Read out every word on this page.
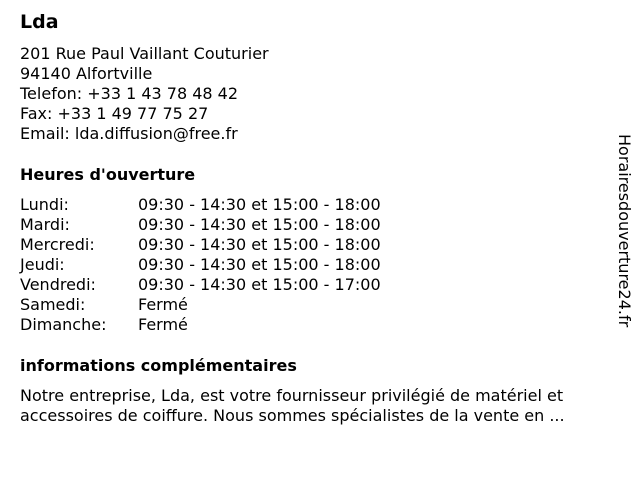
Lda
201 Rue Paul Vaillant Couturier
94140 Alfortville
Telefon: +33 1 43 78 48 42
Fax: +33 1 49 77 75 27
Email: lda.diffusion@free.fr
Heures d'ouverture
Lundi:	09:30 - 14:30 et 15:00 - 18:00
Mardi:	09:30 - 14:30 et 15:00 - 18:00
Mercredi:	09:30 - 14:30 et 15:00 - 18:00
Jeudi:	09:30 - 14:30 et 15:00 - 18:00
Vendredi:	09:30 - 14:30 et 15:00 - 17:00
Samedi:	Fermé
Dimanche:	Fermé
informations complémentaires
Notre entreprise, Lda, est votre fournisseur privilégié de matériel et accessoires de coiffure. Nous sommes spécialistes de la vente en ...
Horairesdouverture24.fr
